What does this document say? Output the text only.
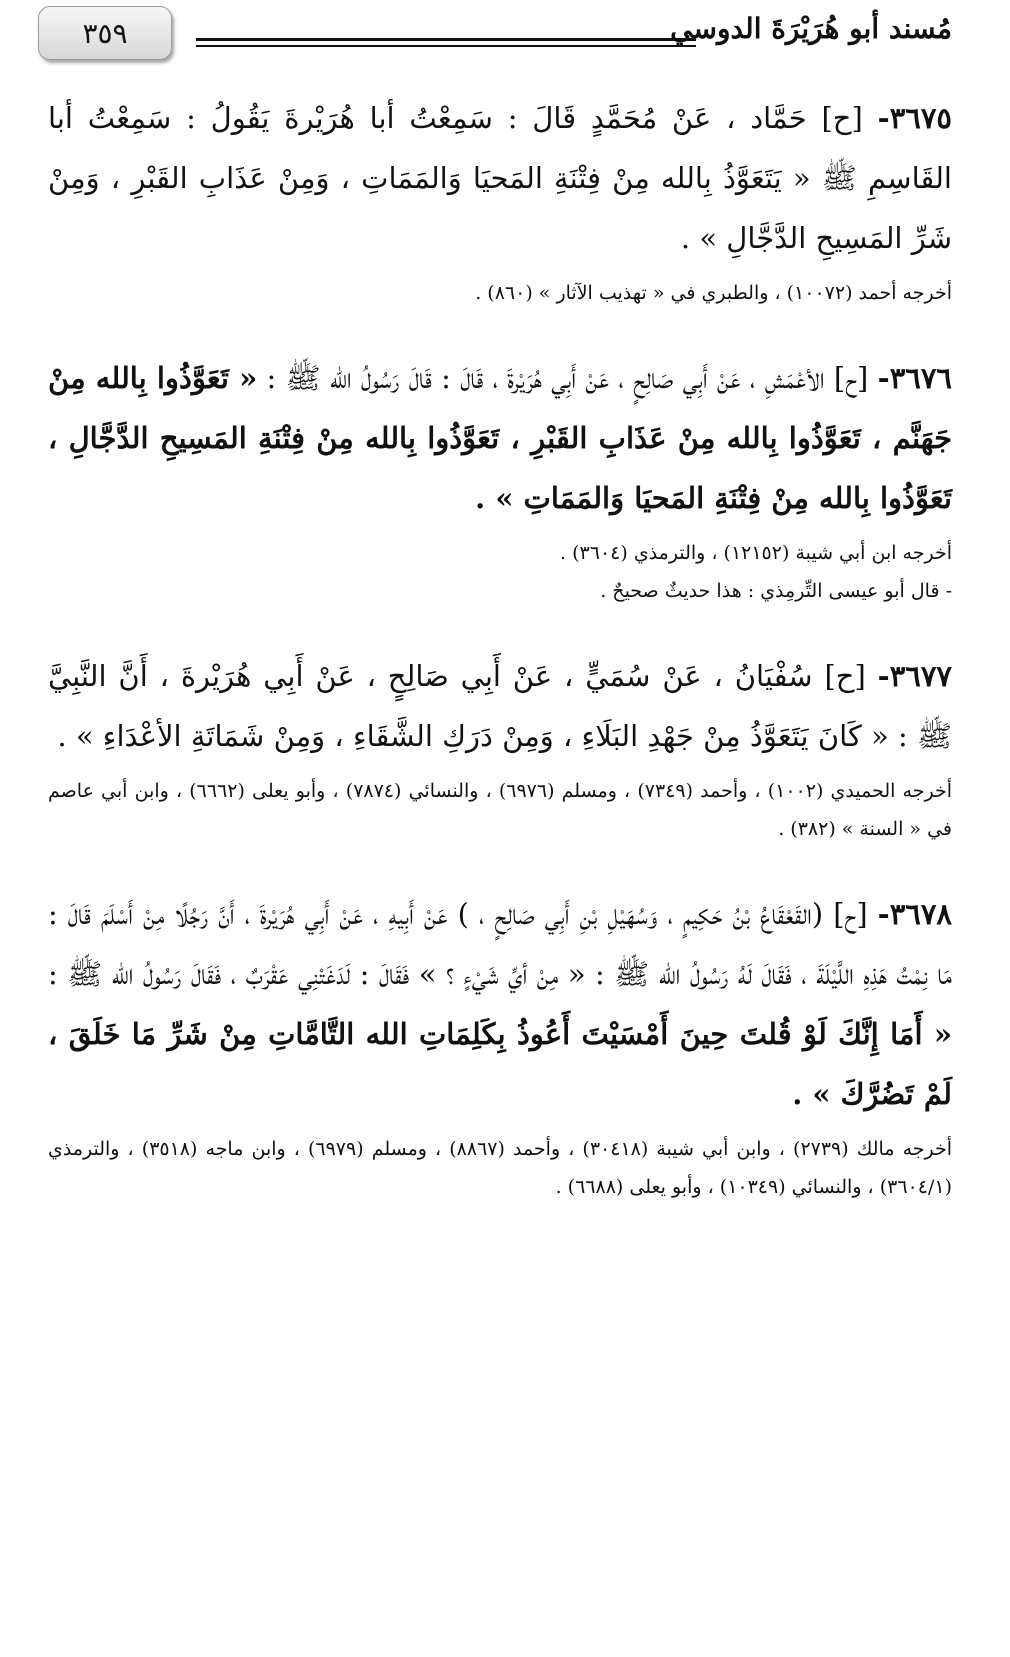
٣٥٩	مُسند أبو هُرَيْرَةَ الدوسي

٣٦٧٥- [ح] حَمَّاد ، عَنْ مُحَمَّدٍ قَالَ : سَمِعْتُ أبا هُرَيْرةَ يَقُولُ : سَمِعْتُ أبا القَاسِمِ ﷺ « يَتَعَوَّذُ بِالله مِنْ فِتْنَةِ المَحيَا وَالمَمَاتِ ، وَمِنْ عَذَابِ القَبْرِ ، وَمِنْ شَرِّ المَسِيحِ الدَّجَّالِ » .

أخرجه أحمد (١٠٠٧٢) ، والطبري في « تهذيب الآثار » (٨٦٠) .

٣٦٧٦- [ح] الأعْمَشِ ، عَنْ أَبِي صَالِحٍ ، عَنْ أَبِي هُرَيْرةَ ، قَالَ : قَالَ رَسُولُ الله ﷺ : « تَعَوَّذُوا بِالله مِنْ جَهَنَّم ، تَعَوَّذُوا بِالله مِنْ عَذَابِ القَبْرِ ، تَعَوَّذُوا بِالله مِنْ فِتْنَةِ المَسِيحِ الدَّجَّالِ ، تَعَوَّذُوا بِالله مِنْ فِتْنَةِ المَحيَا وَالمَمَاتِ » .

أخرجه ابن أبي شيبة (١٢١٥٢) ، والترمذي (٣٦٠٤) .

- قال أبو عيسى التِّرمِذي : هذا حديثٌ صحيحٌ .

٣٦٧٧- [ح] سُفْيَانُ ، عَنْ سُمَيٍّ ، عَنْ أَبِي صَالِحٍ ، عَنْ أَبِي هُرَيْرةَ ، أَنَّ النَّبِيَّ ﷺ : « كَانَ يَتَعَوَّذُ مِنْ جَهْدِ البَلَاءِ ، وَمِنْ دَرَكِ الشَّقَاءِ ، وَمِنْ شَمَاتَةِ الأعْدَاءِ » .

أخرجه الحميدي (١٠٠٢) ، وأحمد (٧٣٤٩) ، ومسلم (٦٩٧٦) ، والنسائي (٧٨٧٤) ، وأبو يعلى (٦٦٦٢) ، وابن أبي عاصم في « السنة » (٣٨٢) .

٣٦٧٨- [ح] (القَعْقَاعُ بْنُ حَكِيمٍ ، وَسُهَيْلِ بْنِ أَبِي صَالِحٍ ، ) عَنْ أَبِيهِ ، عَنْ أَبِي هُرَيْرةَ ، أَنَّ رَجُلًا مِنْ أَسْلَمَ قَالَ : مَا نِمْتُ هَذِهِ اللَّيْلَةَ ، فَقَالَ لَهُ رَسُولُ الله ﷺ : « مِنْ أيِّ شَيْءٍ ؟ » فَقَالَ : لَدَغَتْنِي عَقْرَبٌ ، فَقَالَ رَسُولُ الله ﷺ : « أَمَا إِنَّكَ لَوْ قُلتَ حِينَ أَمْسَيْتَ أَعُوذُ بِكَلِمَاتِ الله التَّامَّاتِ مِنْ شَرِّ مَا خَلَقَ ، لَمْ تَضُرَّكَ » .

أخرجه مالك (٢٧٣٩) ، وابن أبي شيبة (٣٠٤١٨) ، وأحمد (٨٨٦٧) ، ومسلم (٦٩٧٩) ، وابن ماجه (٣٥١٨) ، والترمذي (٣٦٠٤/١) ، والنسائي (١٠٣٤٩) ، وأبو يعلى (٦٦٨٨) .
